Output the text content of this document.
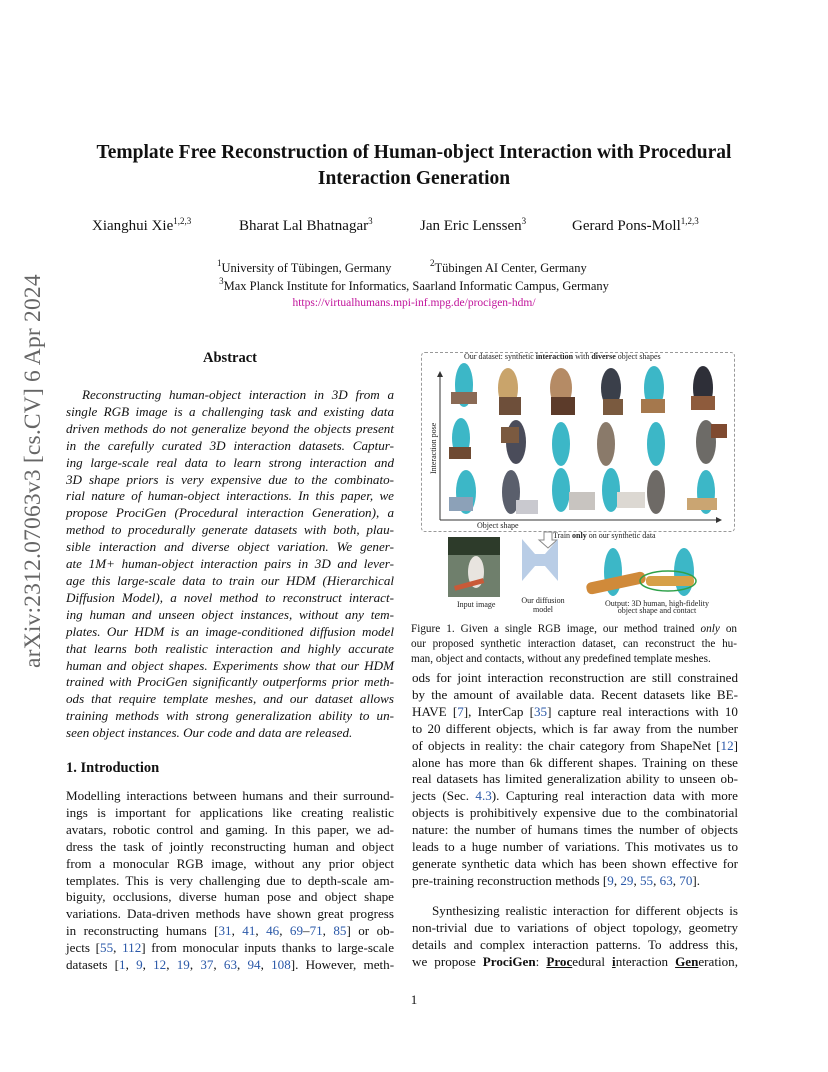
Template Free Reconstruction of Human-object Interaction with Procedural
Interaction Generation
Xianghui Xie$^{1,2,3}$	Bharat Lal Bhatnagar$^3$	Jan Eric Lenssen$^3$	Gerard Pons-Moll$^{1,2,3}$
$^1$University of Tübingen, Germany	$^2$Tübingen AI Center, Germany
$^3$Max Planck Institute for Informatics, Saarland Informatic Campus, Germany
https://virtualhumans.mpi-inf.mpg.de/procigen-hdm/
arXiv:2312.07063v3 [cs.CV] 6 Apr 2024	Abstract
Reconstructing human-object interaction in 3D from a
single RGB image is a challenging task and existing data
driven methods do not generalize beyond the objects present
in the carefully curated 3D interaction datasets. Captur-
ing large-scale real data to learn strong interaction and
3D shape priors is very expensive due to the combinato-
rial nature of human-object interactions. In this paper, we
propose ProciGen (Procedural interaction Generation), a
method to procedurally generate datasets with both, plau-
sible interaction and diverse object variation. We gener-
ate 1M+ human-object interaction pairs in 3D and lever-
age this large-scale data to train our HDM (Hierarchical
Diffusion Model), a novel method to reconstruct interact-
ing human and unseen object instances, without any tem-
plates. Our HDM is an image-conditioned diffusion model
that learns both realistic interaction and highly accurate
human and object shapes. Experiments show that our HDM
trained with ProciGen significantly outperforms prior meth-
ods that require template meshes, and our dataset allows
training methods with strong generalization ability to un-
seen object instances. Our code and data are released.
1. Introduction
Modelling interactions between humans and their surround-
ings is important for applications like creating realistic
avatars, robotic control and gaming. In this paper, we ad-
dress the task of jointly reconstructing human and object
from a monocular RGB image, without any prior object
templates. This is very challenging due to depth-scale am-
biguity, occlusions, diverse human pose and object shape
variations. Data-driven methods have shown great progress
in reconstructing humans [31, 41, 46, 69–71, 85] or ob-
jects [55, 112] from monocular inputs thanks to large-scale
datasets [1, 9, 12, 19, 37, 63, 94, 108]. However, meth-
Our dataset: synthetic interaction with diverse object shapes
Interaction pose
Object shape
Train only on our synthetic data
Input image	Our diffusion
model
Output: 3D human, high-fidelity
object shape and contact
Figure 1. Given a single RGB image, our method trained only on
our proposed synthetic interaction dataset, can reconstruct the hu-
man, object and contacts, without any predefined template meshes.
ods for joint interaction reconstruction are still constrained
by the amount of available data. Recent datasets like BE-
HAVE [7], InterCap [35] capture real interactions with 10
to 20 different objects, which is far away from the number
of objects in reality: the chair category from ShapeNet [12]
alone has more than 6k different shapes. Training on these
real datasets has limited generalization ability to unseen ob-
jects (Sec. 4.3). Capturing real interaction data with more
objects is prohibitively expensive due to the combinatorial
nature: the number of humans times the number of objects
leads to a huge number of variations. This motivates us to
generate synthetic data which has been shown effective for
pre-training reconstruction methods [9, 29, 55, 63, 70].
Synthesizing realistic interaction for different objects is
non-trivial due to variations of object topology, geometry
details and complex interaction patterns. To address this,
we propose ProciGen: Procedural interaction Generation,
1
